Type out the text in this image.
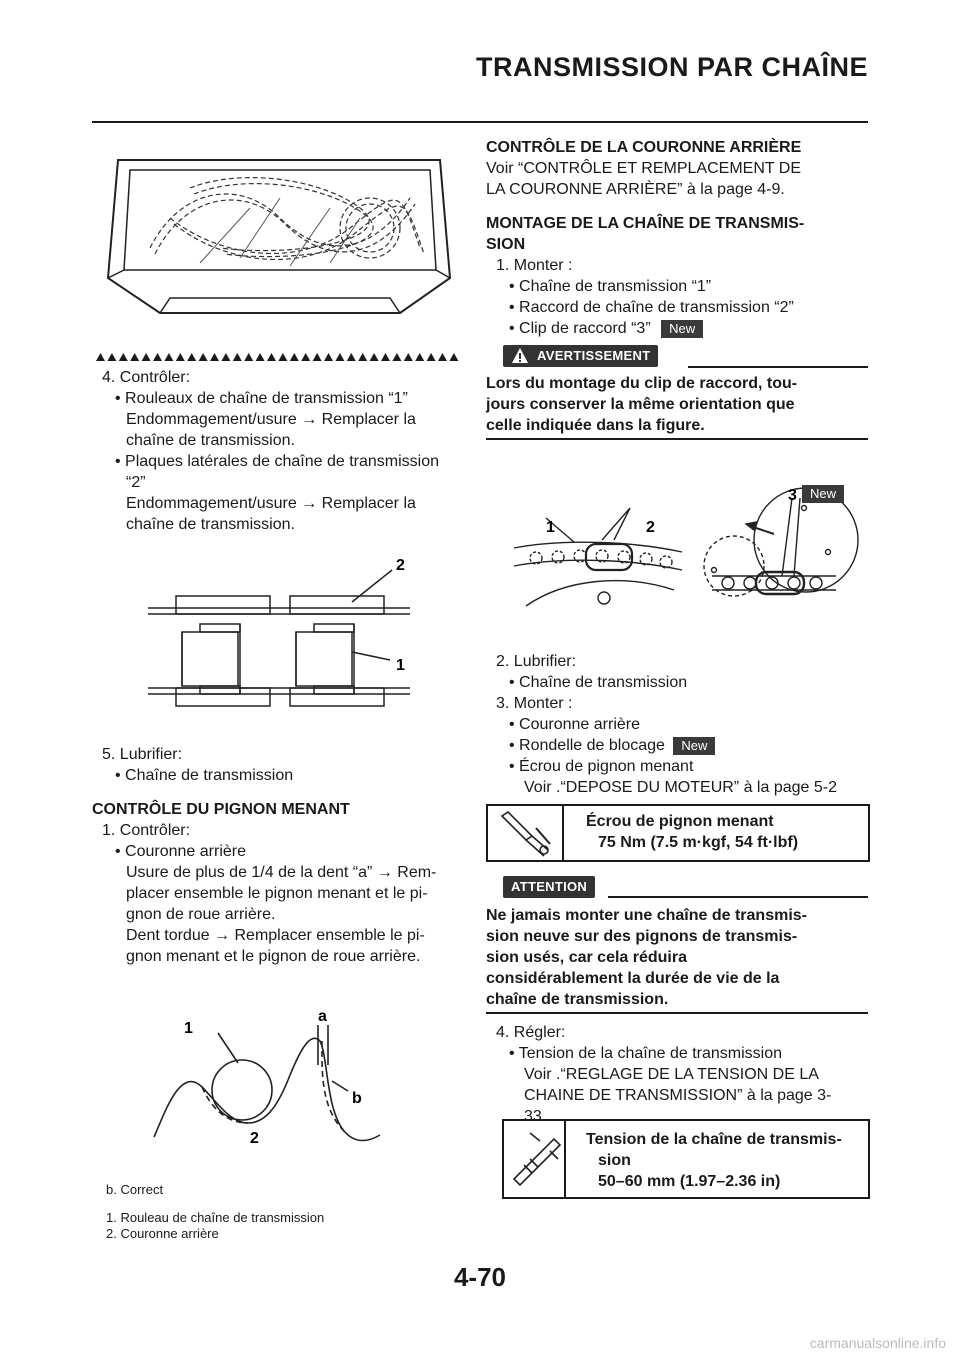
TRANSMISSION PAR CHAÎNE
4. Contrôler:
• Rouleaux de chaîne de transmission “1”
Endommagement/usure → Remplacer la
chaîne de transmission.
• Plaques latérales de chaîne de transmission
“2”
Endommagement/usure → Remplacer la
chaîne de transmission.
2
1
5. Lubrifier:
• Chaîne de transmission
CONTRÔLE DU PIGNON MENANT
1. Contrôler:
• Couronne arrière
Usure de plus de 1/4 de la dent “a” → Rem-
placer ensemble le pignon menant et le pi-
gnon de roue arrière.
Dent tordue → Remplacer ensemble le pi-
gnon menant et le pignon de roue arrière.
1
a
b
2
b. Correct
1. Rouleau de chaîne de transmission
2. Couronne arrière
CONTRÔLE DE LA COURONNE ARRIÈRE
Voir “CONTRÔLE ET REMPLACEMENT DE
LA COURONNE ARRIÈRE” à la page 4-9.
MONTAGE DE LA CHAÎNE DE TRANSMIS-
SION
1. Monter :
• Chaîne de transmission “1”
• Raccord de chaîne de transmission “2”
• Clip de raccord “3” New
AVERTISSEMENT
Lors du montage du clip de raccord, tou-
jours conserver la même orientation que
celle indiquée dans la figure.
1	2
3	New
2. Lubrifier:
• Chaîne de transmission
3. Monter :
• Couronne arrière
• Rondelle de blocage New
• Écrou de pignon menant
Voir .“DEPOSE DU MOTEUR” à la page 5-2
Écrou de pignon menant
75 Nm (7.5 m·kgf, 54 ft·lbf)
ATTENTION
Ne jamais monter une chaîne de transmis-
sion neuve sur des pignons de transmis-
sion usés, car cela réduira
considérablement la durée de vie de la
chaîne de transmission.
4. Régler:
• Tension de la chaîne de transmission
Voir .“REGLAGE DE LA TENSION DE LA
CHAINE DE TRANSMISSION” à la page 3-
33.
Tension de la chaîne de transmis-
sion
50–60 mm (1.97–2.36 in)
4-70
carmanualsonline.info
